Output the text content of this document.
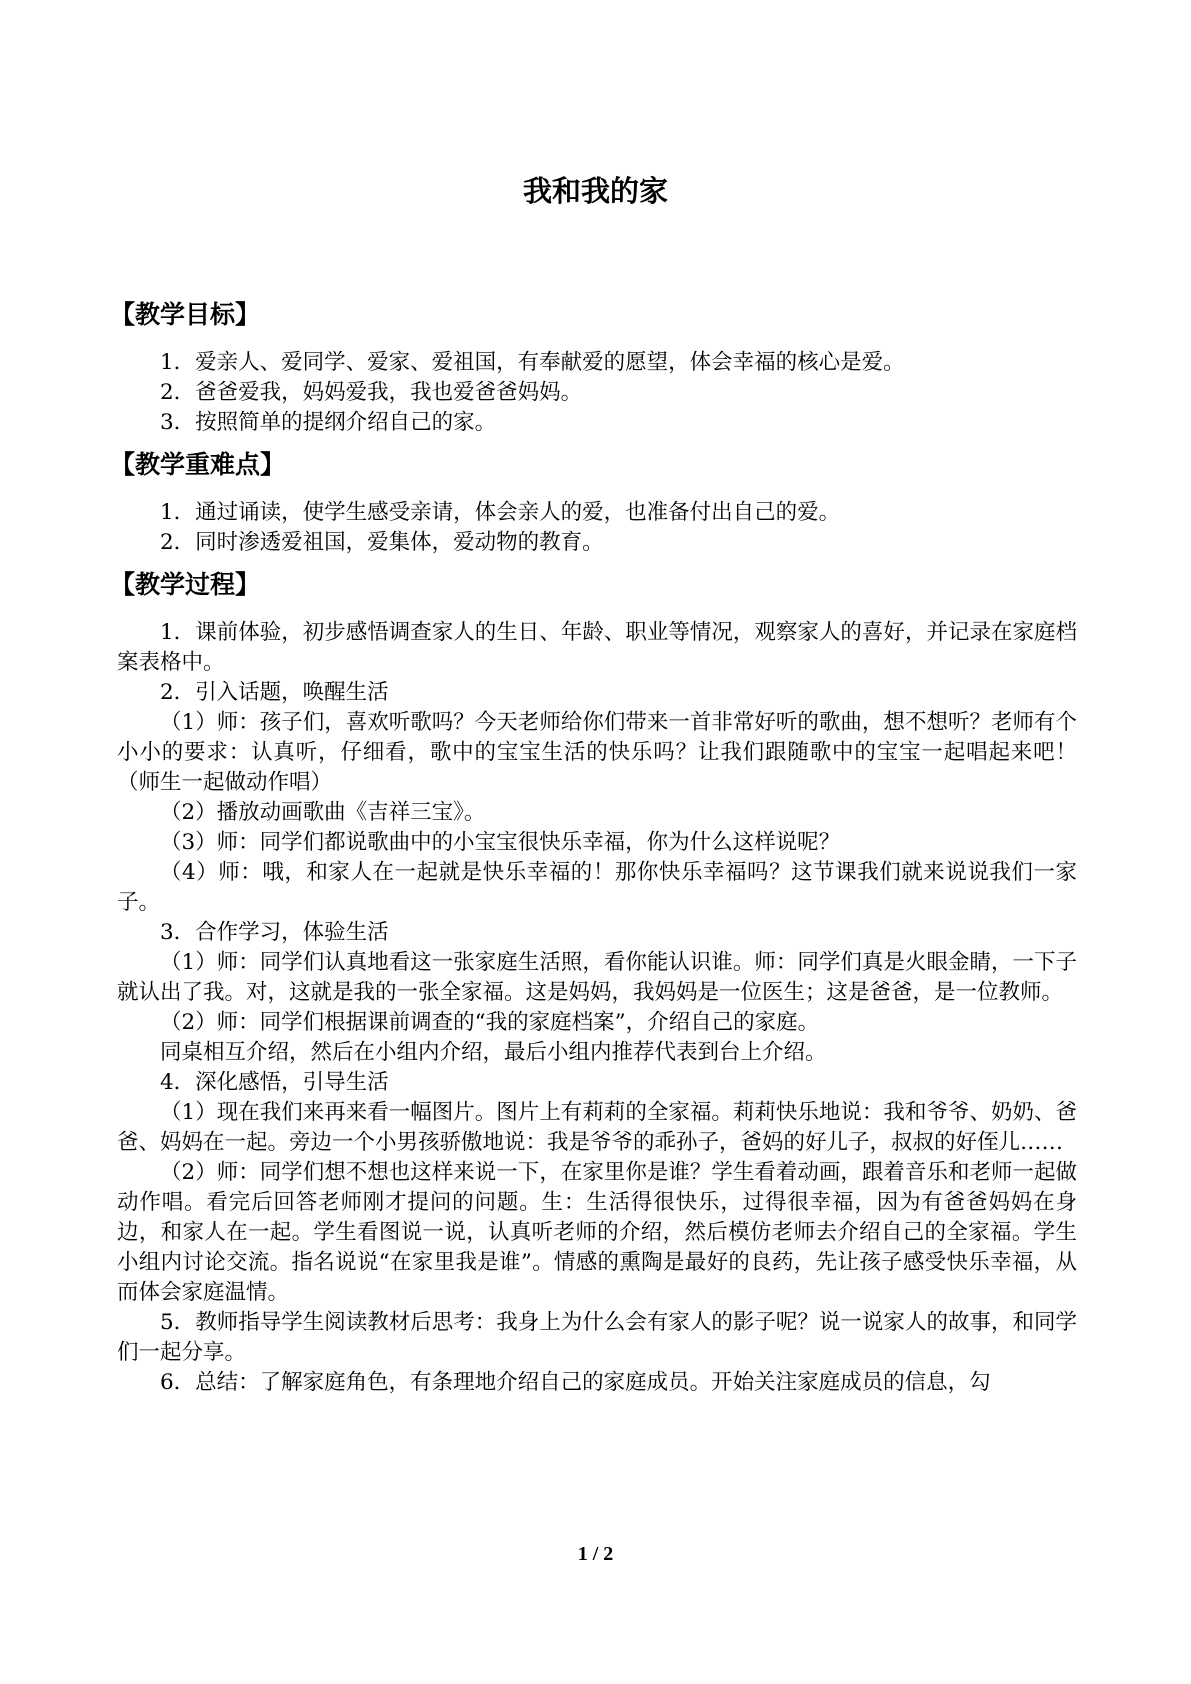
我和我的家
【教学目标】

1．爱亲人、爱同学、爱家、爱祖国，有奉献爱的愿望，体会幸福的核心是爱。

2．爸爸爱我，妈妈爱我，我也爱爸爸妈妈。

3．按照简单的提纲介绍自己的家。

【教学重难点】

1．通过诵读，使学生感受亲请，体会亲人的爱，也准备付出自己的爱。

2．同时渗透爱祖国，爱集体，爱动物的教育。

【教学过程】

1．课前体验，初步感悟调查家人的生日、年龄、职业等情况，观察家人的喜好，并记录在家庭档案表格中。

2．引入话题，唤醒生活

（1）师：孩子们，喜欢听歌吗？今天老师给你们带来一首非常好听的歌曲，想不想听？老师有个小小的要求：认真听，仔细看，歌中的宝宝生活的快乐吗？让我们跟随歌中的宝宝一起唱起来吧！（师生一起做动作唱）

（2）播放动画歌曲《吉祥三宝》。

（3）师：同学们都说歌曲中的小宝宝很快乐幸福，你为什么这样说呢？

（4）师：哦，和家人在一起就是快乐幸福的！那你快乐幸福吗？这节课我们就来说说我们一家子。

3．合作学习，体验生活

（1）师：同学们认真地看这一张家庭生活照，看你能认识谁。师：同学们真是火眼金睛，一下子就认出了我。对，这就是我的一张全家福。这是妈妈，我妈妈是一位医生；这是爸爸，是一位教师。

（2）师：同学们根据课前调查的“我的家庭档案”，介绍自己的家庭。

同桌相互介绍，然后在小组内介绍，最后小组内推荐代表到台上介绍。

4．深化感悟，引导生活

（1）现在我们来再来看一幅图片。图片上有莉莉的全家福。莉莉快乐地说：我和爷爷、奶奶、爸爸、妈妈在一起。旁边一个小男孩骄傲地说：我是爷爷的乖孙子，爸妈的好儿子，叔叔的好侄儿……

（2）师：同学们想不想也这样来说一下，在家里你是谁？学生看着动画，跟着音乐和老师一起做动作唱。看完后回答老师刚才提问的问题。生：生活得很快乐，过得很幸福，因为有爸爸妈妈在身边，和家人在一起。学生看图说一说，认真听老师的介绍，然后模仿老师去介绍自己的全家福。学生小组内讨论交流。指名说说“在家里我是谁”。情感的熏陶是最好的良药，先让孩子感受快乐幸福，从而体会家庭温情。

5．教师指导学生阅读教材后思考：我身上为什么会有家人的影子呢？说一说家人的故事，和同学们一起分享。

6．总结：了解家庭角色，有条理地介绍自己的家庭成员。开始关注家庭成员的信息，勾

1 / 2
